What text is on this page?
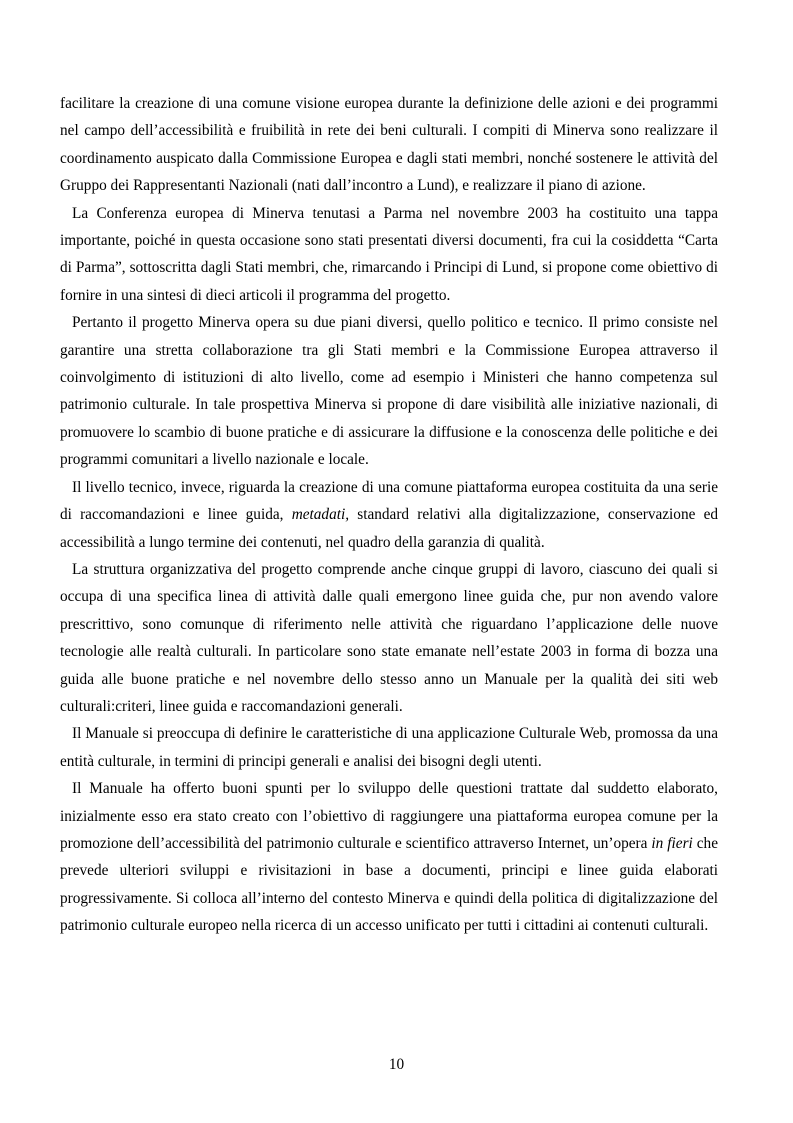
facilitare la creazione di una comune visione europea durante la definizione delle azioni e dei programmi nel campo dell’accessibilità e fruibilità in rete dei beni culturali. I compiti di Minerva sono realizzare il coordinamento auspicato dalla Commissione Europea e dagli stati membri, nonché sostenere le attività del Gruppo dei Rappresentanti Nazionali (nati dall’incontro a Lund), e realizzare il piano di azione.

La Conferenza europea di Minerva tenutasi a Parma nel novembre 2003 ha costituito una tappa importante, poiché in questa occasione sono stati presentati diversi documenti, fra cui la cosiddetta “Carta di Parma”, sottoscritta dagli Stati membri, che, rimarcando i Principi di Lund, si propone come obiettivo di fornire in una sintesi di dieci articoli il programma del progetto.

Pertanto il progetto Minerva opera su due piani diversi, quello politico e tecnico. Il primo consiste nel garantire una stretta collaborazione tra gli Stati membri e la Commissione Europea attraverso il coinvolgimento di istituzioni di alto livello, come ad esempio i Ministeri che hanno competenza sul patrimonio culturale. In tale prospettiva Minerva si propone di dare visibilità alle iniziative nazionali, di promuovere lo scambio di buone pratiche e di assicurare la diffusione e la conoscenza delle politiche e dei programmi comunitari a livello nazionale e locale.

Il livello tecnico, invece, riguarda la creazione di una comune piattaforma europea costituita da una serie di raccomandazioni e linee guida, metadati, standard relativi alla digitalizzazione, conservazione ed accessibilità a lungo termine dei contenuti, nel quadro della garanzia di qualità.

La struttura organizzativa del progetto comprende anche cinque gruppi di lavoro, ciascuno dei quali si occupa di una specifica linea di attività dalle quali emergono linee guida che, pur non avendo valore prescrittivo, sono comunque di riferimento nelle attività che riguardano l’applicazione delle nuove tecnologie alle realtà culturali. In particolare sono state emanate nell’estate 2003 in forma di bozza una guida alle buone pratiche e nel novembre dello stesso anno un Manuale per la qualità dei siti web culturali:criteri, linee guida e raccomandazioni generali.

Il Manuale si preoccupa di definire le caratteristiche di una applicazione Culturale Web, promossa da una entità culturale, in termini di principi generali e analisi dei bisogni degli utenti.

Il Manuale ha offerto buoni spunti per lo sviluppo delle questioni trattate dal suddetto elaborato, inizialmente esso era stato creato con l’obiettivo di raggiungere una piattaforma europea comune per la promozione dell’accessibilità del patrimonio culturale e scientifico attraverso Internet, un’opera in fieri che prevede ulteriori sviluppi e rivisitazioni in base a documenti, principi e linee guida elaborati progressivamente. Si colloca all’interno del contesto Minerva e quindi della politica di digitalizzazione del patrimonio culturale europeo nella ricerca di un accesso unificato per tutti i cittadini ai contenuti culturali.

10
